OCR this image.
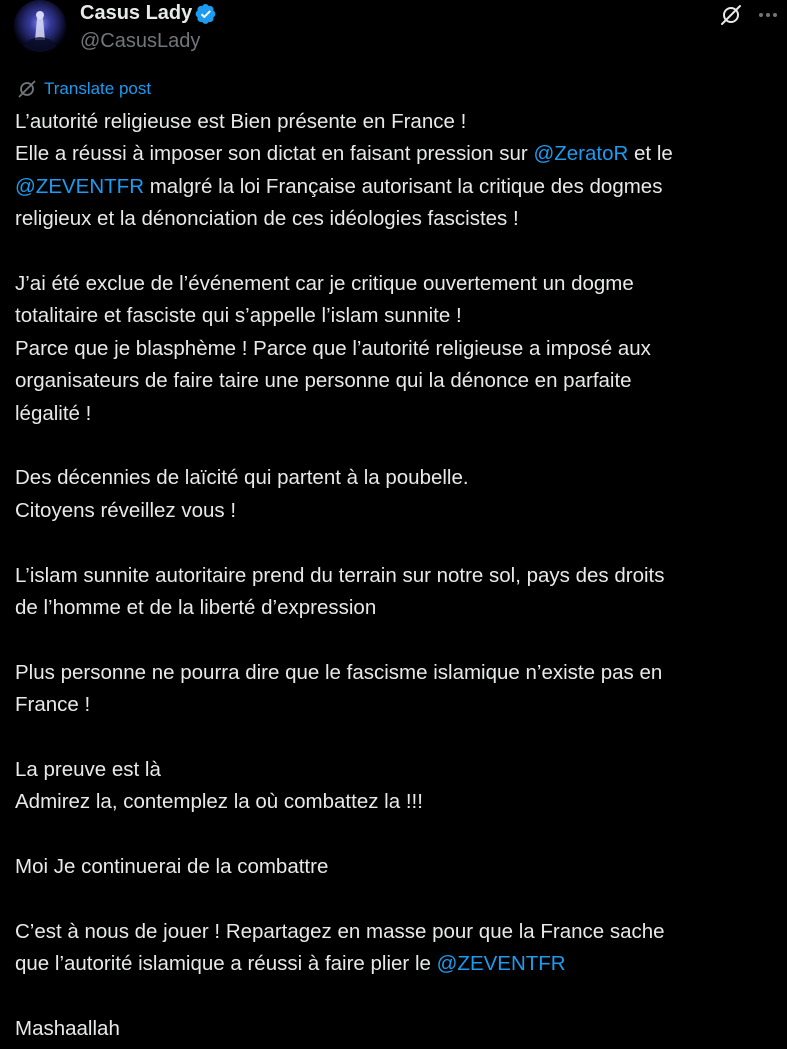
Casus Lady
@CasusLady
Translate post

L’autorité religieuse est Bien présente en France !

Elle a réussi à imposer son dictat en faisant pression sur @ZeratoR et le

@ZEVENTFR malgré la loi Française autorisant la critique des dogmes

religieux et la dénonciation de ces idéologies fascistes !

J’ai été exclue de l’événement car je critique ouvertement un dogme

totalitaire et fasciste qui s’appelle l’islam sunnite !

Parce que je blasphème ! Parce que l’autorité religieuse a imposé aux

organisateurs de faire taire une personne qui la dénonce en parfaite

légalité !

Des décennies de laïcité qui partent à la poubelle.

Citoyens réveillez vous !

L’islam sunnite autoritaire prend du terrain sur notre sol, pays des droits

de l’homme et de la liberté d’expression

Plus personne ne pourra dire que le fascisme islamique n’existe pas en

France !

La preuve est là

Admirez la, contemplez la où combattez la !!!

Moi Je continuerai de la combattre

C’est à nous de jouer ! Repartagez en masse pour que la France sache

que l’autorité islamique a réussi à faire plier le @ZEVENTFR

Mashaallah
